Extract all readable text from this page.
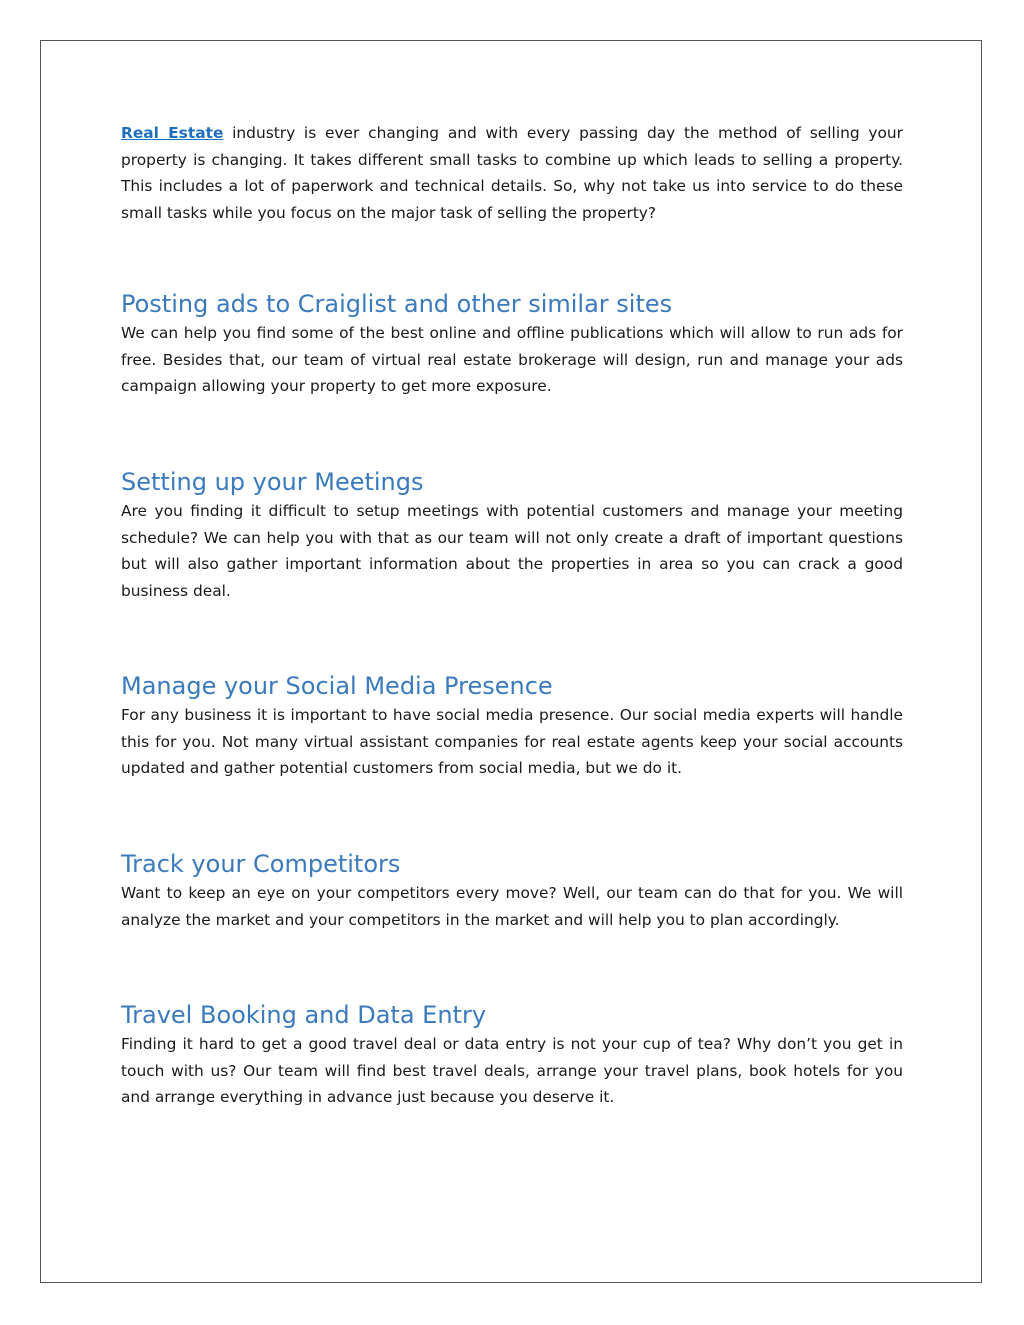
Real Estate industry is ever changing and with every passing day the method of selling your property is changing. It takes different small tasks to combine up which leads to selling a property. This includes a lot of paperwork and technical details. So, why not take us into service to do these small tasks while you focus on the major task of selling the property?

Posting ads to Craiglist and other similar sites

We can help you find some of the best online and offline publications which will allow to run ads for free. Besides that, our team of virtual real estate brokerage will design, run and manage your ads campaign allowing your property to get more exposure.

Setting up your Meetings

Are you finding it difficult to setup meetings with potential customers and manage your meeting schedule? We can help you with that as our team will not only create a draft of important questions but will also gather important information about the properties in area so you can crack a good business deal.

Manage your Social Media Presence

For any business it is important to have social media presence. Our social media experts will handle this for you. Not many virtual assistant companies for real estate agents keep your social accounts updated and gather potential customers from social media, but we do it.

Track your Competitors

Want to keep an eye on your competitors every move? Well, our team can do that for you. We will analyze the market and your competitors in the market and will help you to plan accordingly.

Travel Booking and Data Entry

Finding it hard to get a good travel deal or data entry is not your cup of tea? Why don’t you get in touch with us? Our team will find best travel deals, arrange your travel plans, book hotels for you and arrange everything in advance just because you deserve it.
